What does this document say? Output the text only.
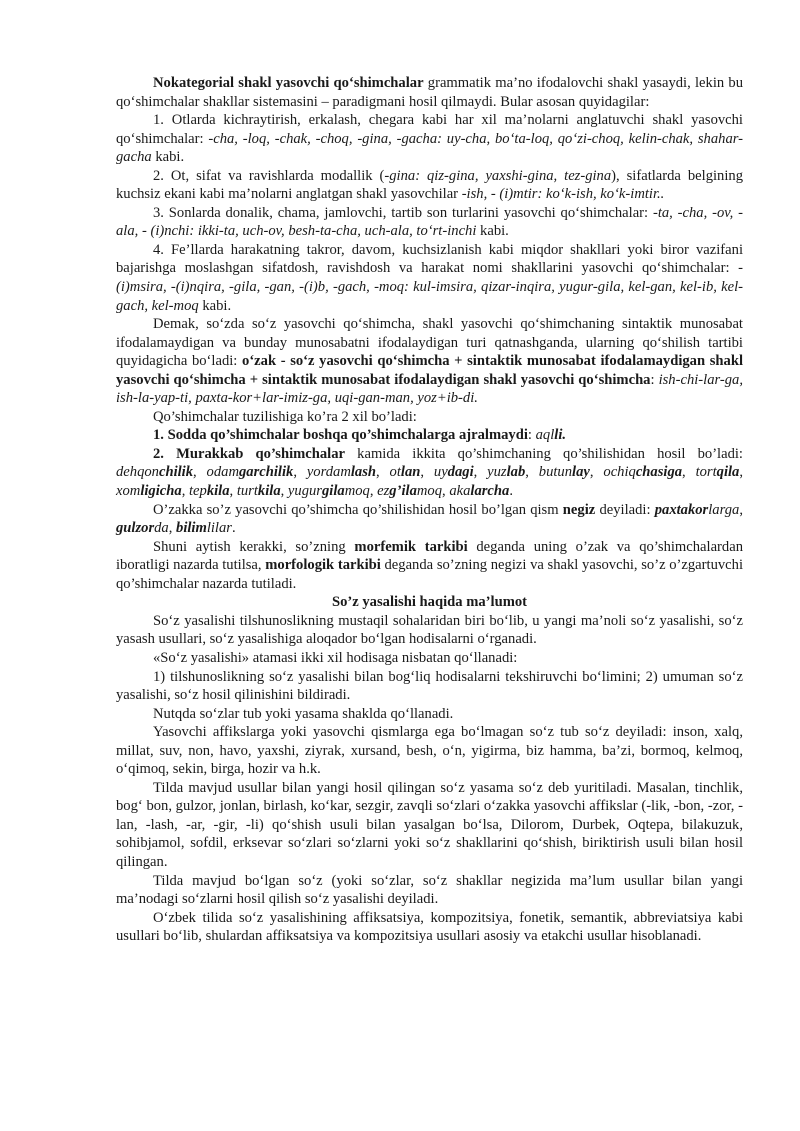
Nokategorial shakl yasovchi qo‘shimchalar grammatik ma’no ifodalovchi shakl yasaydi, lekin bu qo‘shimchalar shakllar sistemasini – paradigmani hosil qilmaydi. Bular asosan quyidagilar:

1. Otlarda kichraytirish, erkalash, chegara kabi har xil ma’nolarni anglatuvchi shakl yasovchi qo‘shimchalar: -cha, -loq, -chak, -choq, -gina, -gacha: uy-cha, bo‘ta-loq, qo‘zi-choq, kelin-chak, shahar-gacha kabi.

2. Ot, sifat va ravishlarda modallik (-gina: qiz-gina, yaxshi-gina, tez-gina), sifatlarda belgining kuchsiz ekani kabi ma’nolarni anglatgan shakl yasovchilar -ish, - (i)mtir: ko‘k-ish, ko‘k-imtir..

3. Sonlarda donalik, chama, jamlovchi, tartib son turlarini yasovchi qo‘shimchalar: -ta, -cha, -ov, -ala, - (i)nchi: ikki-ta, uch-ov, besh-ta-cha, uch-ala, to‘rt-inchi kabi.

4. Fe’llarda harakatning takror, davom, kuchsizlanish kabi miqdor shakllari yoki biror vazifani bajarishga moslashgan sifatdosh, ravishdosh va harakat nomi shakllarini yasovchi qo‘shimchalar: -(i)msira, -(i)nqira, -gila, -gan, -(i)b, -gach, -moq: kul-imsira, qizar-inqira, yugur-gila, kel-gan, kel-ib, kel-gach, kel-moq kabi.

Demak, so‘zda so‘z yasovchi qo‘shimcha, shakl yasovchi qo‘shimchaning sintaktik munosabat ifodalamaydigan va bunday munosabatni ifodalaydigan turi qatnashganda, ularning qo‘shilish tartibi quyidagicha bo‘ladi: o‘zak - so‘z yasovchi qo‘shimcha + sintaktik munosabat ifodalamaydigan shakl yasovchi qo‘shimcha + sintaktik munosabat ifodalaydigan shakl yasovchi qo‘shimcha: ish-chi-lar-ga, ish-la-yap-ti, paxta-kor+lar-imiz-ga, uqi-gan-man, yoz+ib-di.

Qo’shimchalar tuzilishiga ko’ra 2 xil bo’ladi:

1. Sodda qo’shimchalar boshqa qo’shimchalarga ajralmaydi: aqlli.

2. Murakkab qo’shimchalar kamida ikkita qo’shimchaning qo’shilishidan hosil bo’ladi: dehqonchilik, odamgarchilik, yordamlash, otlan, uydagi, yuzlab, butunlay, ochiqchasiga, tortqila, xomligicha, tepkila, turtkila, yugurgilamoq, ezg’ilamoq, akalarcha.

O’zakka so’z yasovchi qo’shimcha qo’shilishidan hosil bo’lgan qism negiz deyiladi: paxtakorlarga, gulzorda, bilimlilar.

Shuni aytish kerakki, so’zning morfemik tarkibi deganda uning o’zak va qo’shimchalardan iboratligi nazarda tutilsa, morfologik tarkibi deganda so’zning negizi va shakl yasovchi, so’z o’zgartuvchi qo’shimchalar nazarda tutiladi.

So’z yasalishi haqida ma’lumot

So‘z yasalishi tilshunoslikning mustaqil sohalaridan biri bo‘lib, u yangi ma’noli so‘z yasalishi, so‘z yasash usullari, so‘z yasalishiga aloqador bo‘lgan hodisalarni o‘rganadi.

«So‘z yasalishi» atamasi ikki xil hodisaga nisbatan qo‘llanadi:

1) tilshunoslikning so‘z yasalishi bilan bog‘liq hodisalarni tekshiruvchi bo‘limini; 2) umuman so‘z yasalishi, so‘z hosil qilinishini bildiradi.

Nutqda so‘zlar tub yoki yasama shaklda qo‘llanadi.

Yasovchi affikslarga yoki yasovchi qismlarga ega bo‘lmagan so‘z tub so‘z deyiladi: inson, xalq, millat, suv, non, havo, yaxshi, ziyrak, xursand, besh, o‘n, yigirma, biz hamma, ba’zi, bormoq, kelmoq, o‘qimoq, sekin, birga, hozir va h.k.

Tilda mavjud usullar bilan yangi hosil qilingan so‘z yasama so‘z deb yuritiladi. Masalan, tinchlik, bog‘ bon, gulzor, jonlan, birlash, ko‘kar, sezgir, zavqli so‘zlari o‘zakka yasovchi affikslar (-lik, -bon, -zor, -lan, -lash, -ar, -gir, -li) qo‘shish usuli bilan yasalgan bo‘lsa, Dilorom, Durbek, Oqtepa, bilakuzuk, sohibjamol, sofdil, erksevar so‘zlari so‘zlarni yoki so‘z shakllarini qo‘shish, biriktirish usuli bilan hosil qilingan.

Tilda mavjud bo‘lgan so‘z (yoki so‘zlar, so‘z shakllar negizida ma’lum usullar bilan yangi ma’nodagi so‘zlarni hosil qilish so‘z yasalishi deyiladi.

O‘zbek tilida so‘z yasalishining affiksatsiya, kompozitsiya, fonetik, semantik, abbreviatsiya kabi usullari bo‘lib, shulardan affiksatsiya va kompozitsiya usullari asosiy va etakchi usullar hisoblanadi.
